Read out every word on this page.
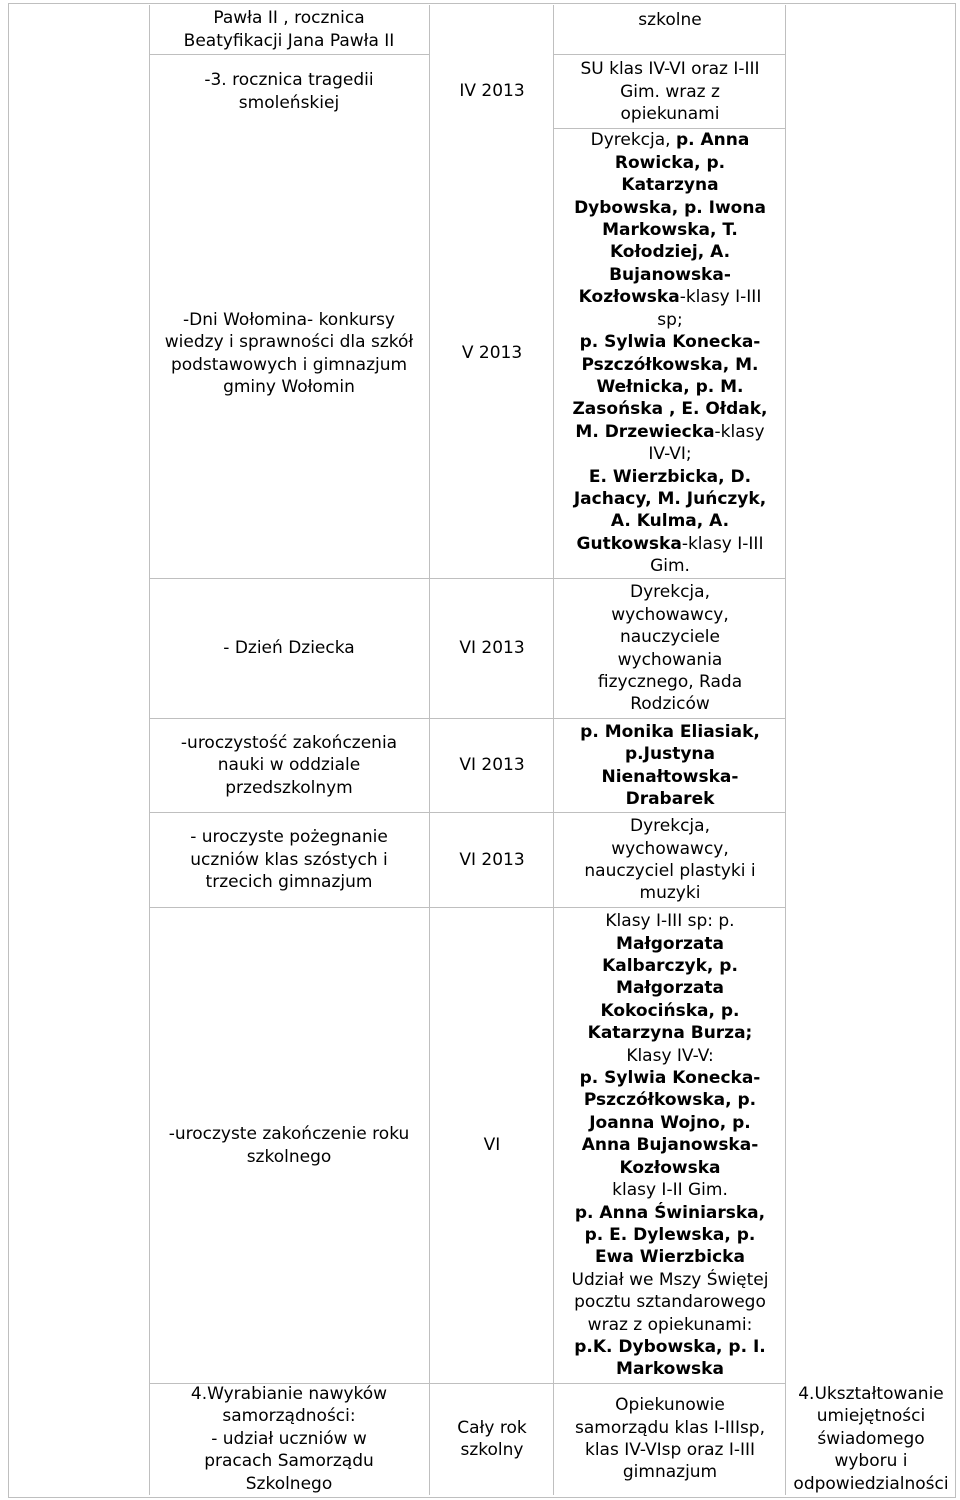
Pawła II , rocznica
Beatyfikacji Jana Pawła II
szkolne
-3. rocznica tragedii
smoleńskiej
IV 2013
SU klas IV-VI oraz I-III
Gim. wraz z
opiekunami
-Dni Wołomina- konkursy
wiedzy i sprawności dla szkół
podstawowych i gimnazjum
gminy Wołomin
V 2013
Dyrekcja, p. Anna
Rowicka, p.
Katarzyna
Dybowska, p. Iwona
Markowska, T.
Kołodziej, A.
Bujanowska-
Kozłowska-klasy I-III
sp;
p. Sylwia Konecka-
Pszczółkowska, M.
Wełnicka, p. M.
Zasońska , E. Ołdak,
M. Drzewiecka-klasy
IV-VI;
E. Wierzbicka, D.
Jachacy, M. Juńczyk,
A. Kulma, A.
Gutkowska-klasy I-III
Gim.
- Dzień Dziecka	VI 2013
Dyrekcja,
wychowawcy,
nauczyciele
wychowania
fizycznego, Rada
Rodziców
-uroczystość zakończenia
nauki w oddziale
przedszkolnym
VI 2013
p. Monika Eliasiak,
p.Justyna
Nienałtowska-
Drabarek
- uroczyste pożegnanie
uczniów klas szóstych i
trzecich gimnazjum
VI 2013
Dyrekcja,
wychowawcy,
nauczyciel plastyki i
muzyki
-uroczyste zakończenie roku
szkolnego
VI
Klasy I-III sp: p.
Małgorzata
Kalbarczyk, p.
Małgorzata
Kokocińska, p.
Katarzyna Burza;
Klasy IV-V:
p. Sylwia Konecka-
Pszczółkowska, p.
Joanna Wojno, p.
Anna Bujanowska-
Kozłowska
klasy I-II Gim.
p. Anna Świniarska,
p. E. Dylewska, p.
Ewa Wierzbicka
Udział we Mszy Świętej
pocztu sztandarowego
wraz z opiekunami:
p.K. Dybowska, p. I.
Markowska
4.Wyrabianie nawyków
samorządności:
- udział uczniów w
pracach Samorządu
Szkolnego
Cały rok
szkolny
Opiekunowie
samorządu klas I-IIIsp,
klas IV-VIsp oraz I-III
gimnazjum
4.Ukształtowanie
umiejętności
świadomego
wyboru i
odpowiedzialności
